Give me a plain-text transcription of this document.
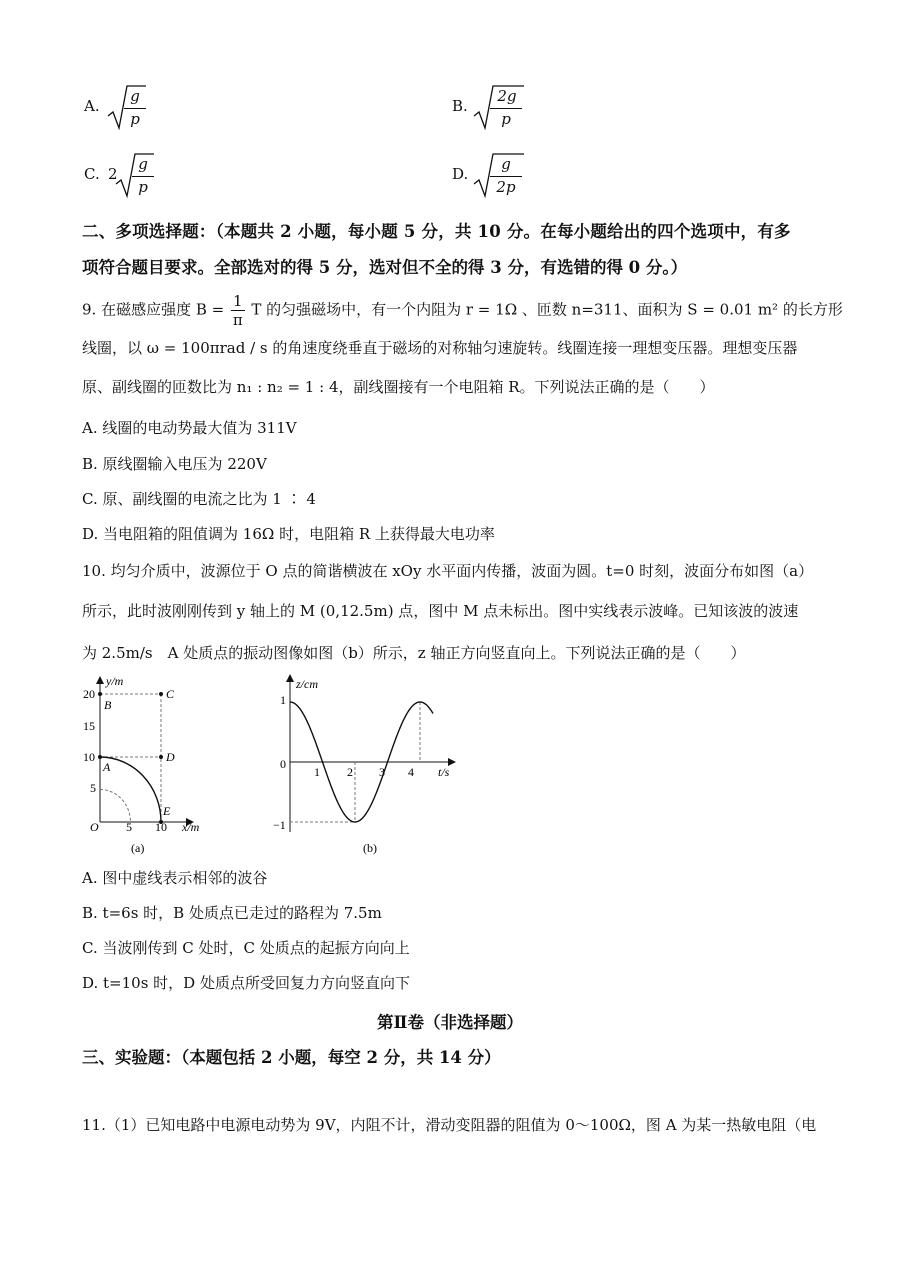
A.
g
p
B.
2g
p
C. 2
g
p
D.
g
2p
二、多项选择题：（本题共 2 小题，每小题 5 分，共 10 分。在每小题给出的四个选项中，有多
项符合题目要求。全部选对的得 5 分，选对但不全的得 3 分，有选错的得 0 分。）
9. 在磁感应强度 $B = \frac{1}{\pi}$ T 的匀强磁场中，有一个内阻为 r = 1Ω 、匝数 n=311、面积为 S = 0.01 m² 的长方形
线圈，以 ω = 100πrad / s 的角速度绕垂直于磁场的对称轴匀速旋转。线圈连接一理想变压器。理想变压器
原、副线圈的匝数比为 n₁ : n₂ = 1 : 4，副线圈接有一个电阻箱 R。下列说法正确的是（　　）
A. 线圈的电动势最大值为 311V
B. 原线圈输入电压为 220V
C. 原、副线圈的电流之比为 1 ∶ 4
D. 当电阻箱的阻值调为 16Ω 时，电阻箱 R 上获得最大电功率
10. 均匀介质中，波源位于 O 点的简谐横波在 xOy 水平面内传播，波面为圆。t=0 时刻，波面分布如图（a）
所示，此时波刚刚传到 y 轴上的 M (0,12.5m) 点，图中 M 点未标出。图中实线表示波峰。已知该波的波速
为 2.5m/s　A 处质点的振动图像如图（b）所示，z 轴正方向竖直向上。下列说法正确的是（　　）
y/m
x/m
20
15
10
5
O 5 10
B
C
A
D
E
(a)
z/cm
t/s
1
0
−1
1 2 3 4
(b)
A. 图中虚线表示相邻的波谷
B. t=6s 时，B 处质点已走过的路程为 7.5m
C. 当波刚传到 C 处时，C 处质点的起振方向向上
D. t=10s 时，D 处质点所受回复力方向竖直向下
第Ⅱ卷（非选择题）
三、实验题：（本题包括 2 小题，每空 2 分，共 14 分）
11.（1）已知电路中电源电动势为 9V，内阻不计，滑动变阻器的阻值为 0～100Ω，图 A 为某一热敏电阻（电
